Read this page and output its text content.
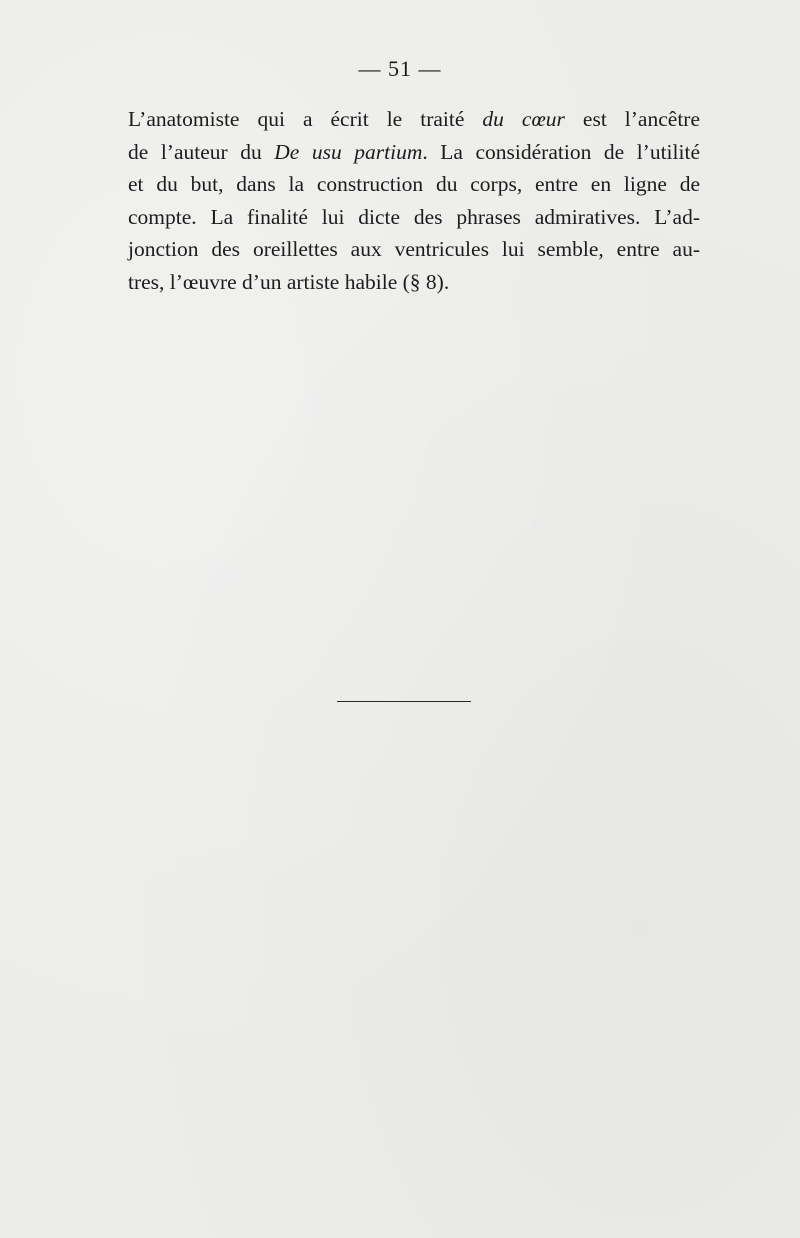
— 51 —
L’anatomiste qui a écrit le traité du cœur est l’ancêtre
de l’auteur du De usu partium. La considération de l’utilité
et du but, dans la construction du corps, entre en ligne de
compte. La finalité lui dicte des phrases admiratives. L’ad-
jonction des oreillettes aux ventricules lui semble, entre au-
tres, l’œuvre d’un artiste habile (§ 8).
